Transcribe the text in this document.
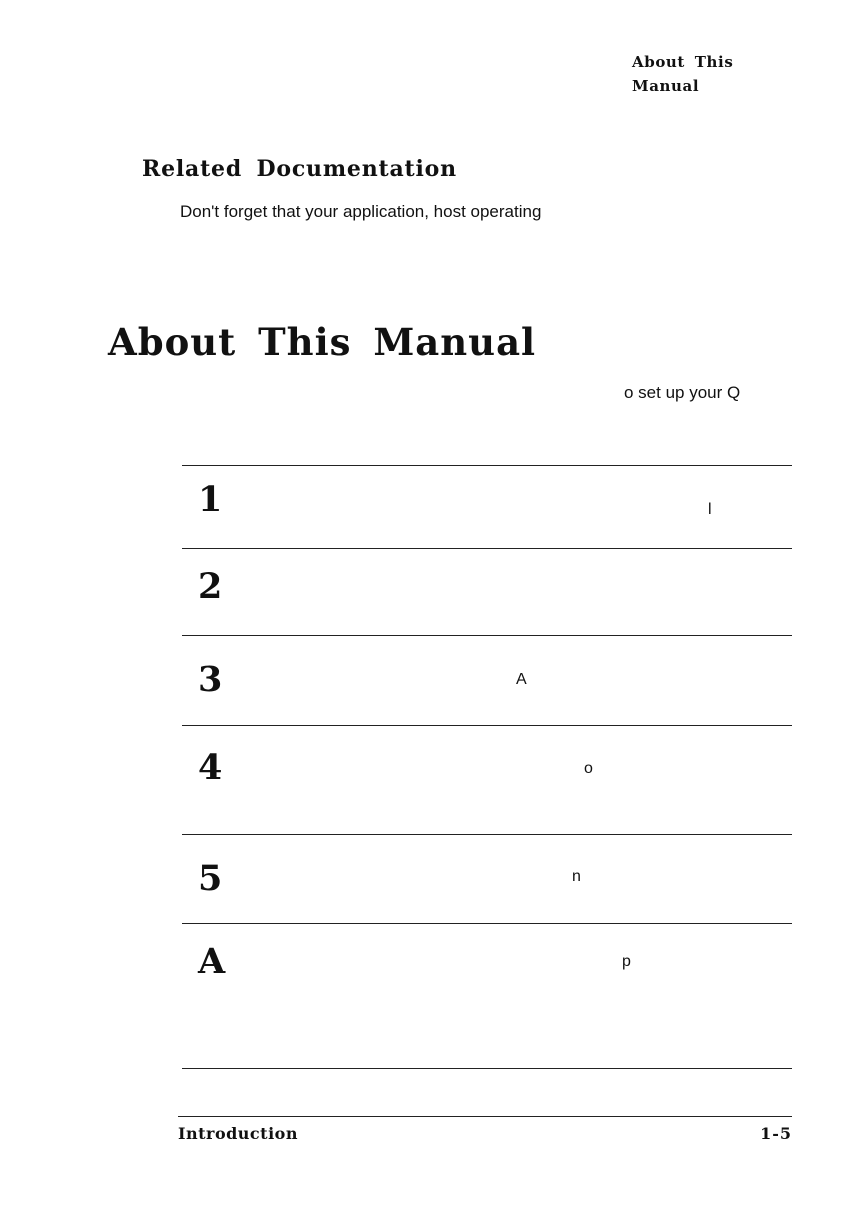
About This
Manual
Related Documentation

Don't forget that your application, host operating

About This Manual

o set up your Q

1	l
2
3	A
4	o
5	n
A	p
Introduction	1-5
